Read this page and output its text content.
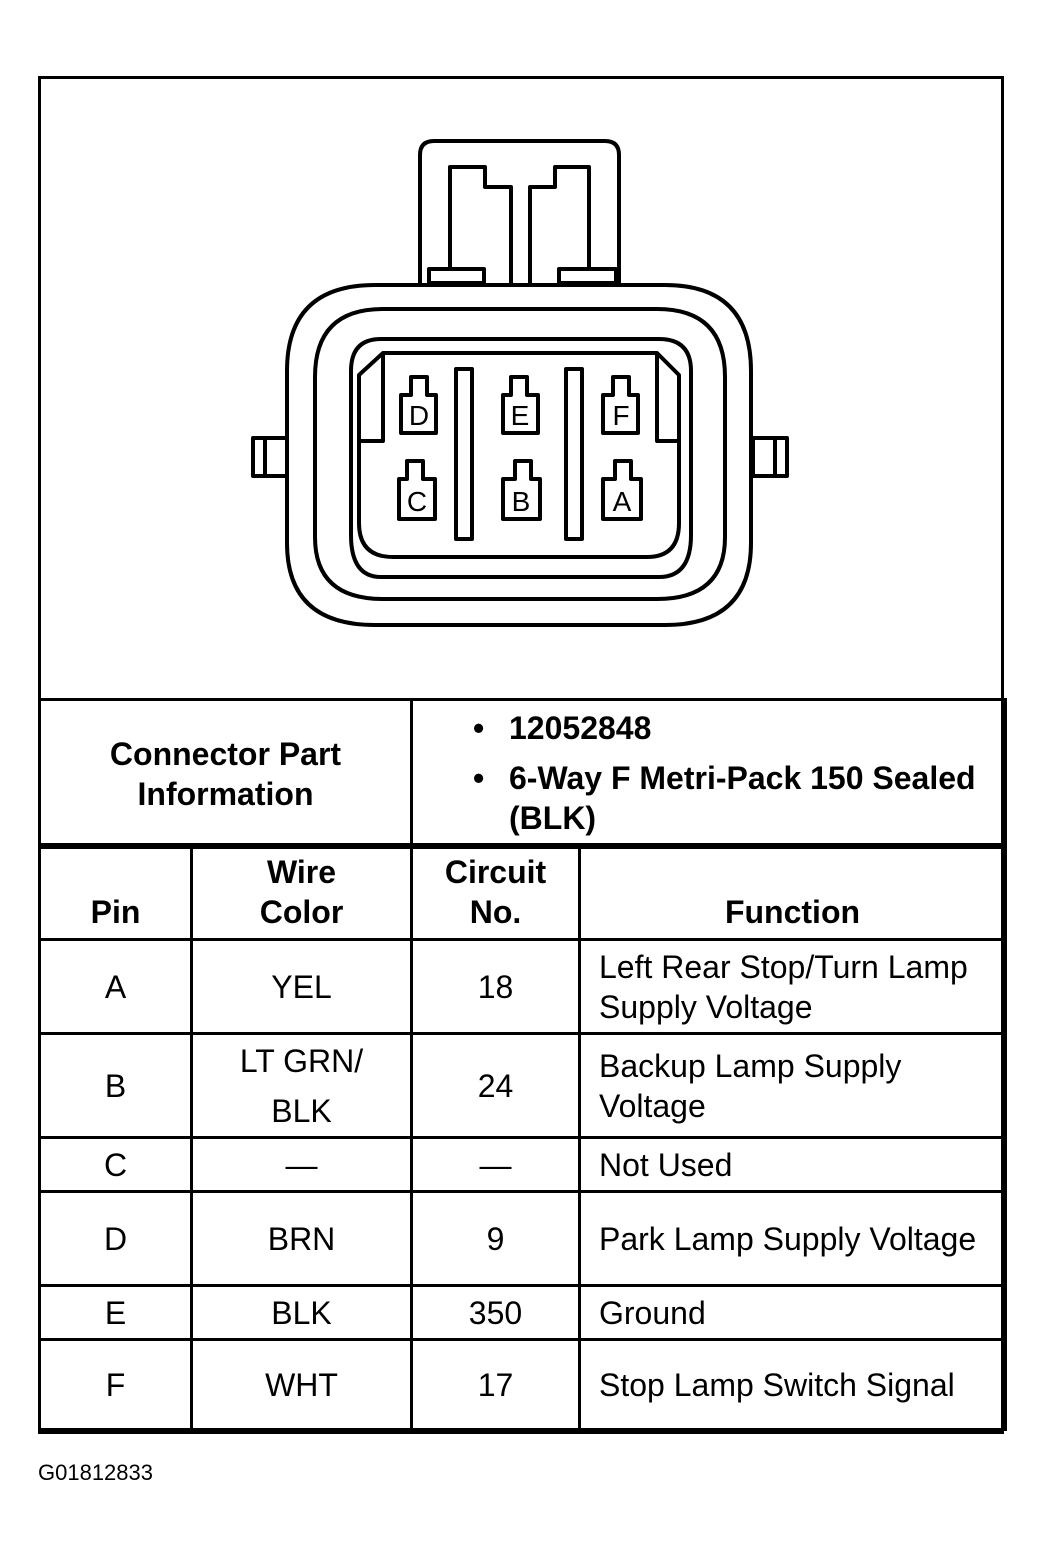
D	E	F
C	B	A
Connector Part Information	
• 12052848
• 6-Way F Metri-Pack 150 Sealed (BLK)
Pin	Wire Color	Circuit No.	Function
A	YEL	18	Left Rear Stop/Turn Lamp Supply Voltage
B	LT GRN/ BLK	24	Backup Lamp Supply Voltage
C	—	—	Not Used
D	BRN	9	Park Lamp Supply Voltage
E	BLK	350	Ground
F	WHT	17	Stop Lamp Switch Signal
G01812833
